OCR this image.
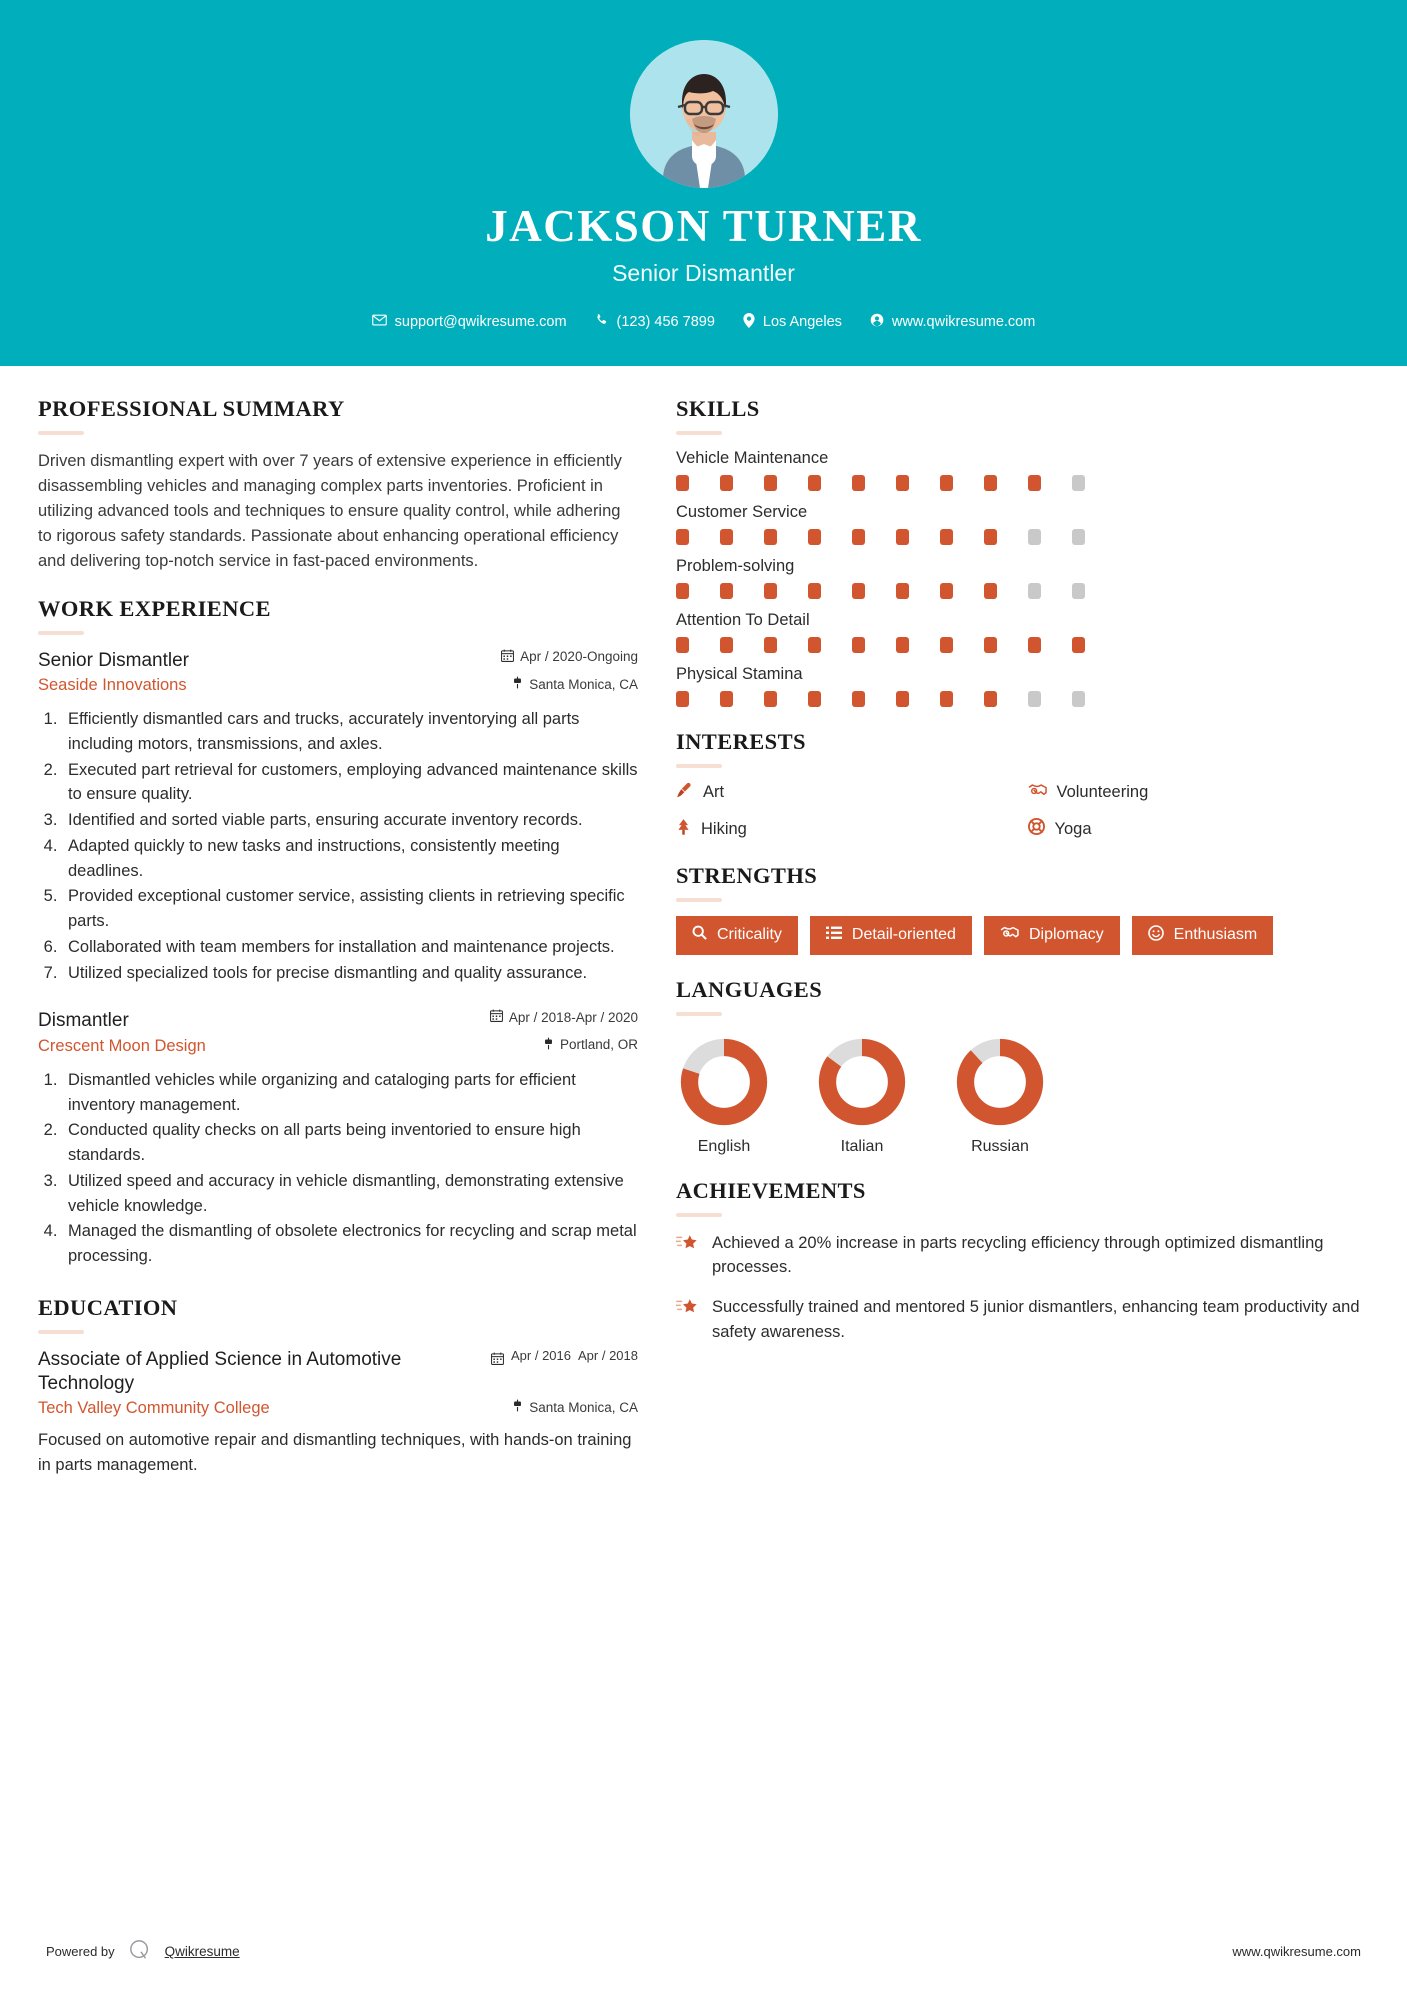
JACKSON TURNER
Senior Dismantler
support@qwikresume.com	(123) 456 7899	Los Angeles	www.qwikresume.com
PROFESSIONAL SUMMARY
Driven dismantling expert with over 7 years of extensive experience in efficiently disassembling vehicles and managing complex parts inventories. Proficient in utilizing advanced tools and techniques to ensure quality control, while adhering to rigorous safety standards. Passionate about enhancing operational efficiency and delivering top-notch service in fast-paced environments.
WORK EXPERIENCE
Senior Dismantler	Apr / 2020-Ongoing
Seaside Innovations	Santa Monica, CA
1. Efficiently dismantled cars and trucks, accurately inventorying all parts including motors, transmissions, and axles.
2. Executed part retrieval for customers, employing advanced maintenance skills to ensure quality.
3. Identified and sorted viable parts, ensuring accurate inventory records.
4. Adapted quickly to new tasks and instructions, consistently meeting deadlines.
5. Provided exceptional customer service, assisting clients in retrieving specific parts.
6. Collaborated with team members for installation and maintenance projects.
7. Utilized specialized tools for precise dismantling and quality assurance.
Dismantler	Apr / 2018-Apr / 2020
Crescent Moon Design	Portland, OR
1. Dismantled vehicles while organizing and cataloging parts for efficient inventory management.
2. Conducted quality checks on all parts being inventoried to ensure high standards.
3. Utilized speed and accuracy in vehicle dismantling, demonstrating extensive vehicle knowledge.
4. Managed the dismantling of obsolete electronics for recycling and scrap metal processing.
EDUCATION
Associate of Applied Science in Automotive Technology
Apr / 2016 Apr / 2018
Tech Valley Community College	Santa Monica, CA
Focused on automotive repair and dismantling techniques, with hands-on training in parts management.
SKILLS
Vehicle Maintenance
Customer Service
Problem-solving
Attention To Detail
Physical Stamina
INTERESTS
Art	Volunteering
Hiking	Yoga
STRENGTHS
Criticality	Detail-oriented	Diplomacy	Enthusiasm
LANGUAGES
English	Italian	Russian
ACHIEVEMENTS
Achieved a 20% increase in parts recycling efficiency through optimized dismantling processes.
Successfully trained and mentored 5 junior dismantlers, enhancing team productivity and safety awareness.
Powered by	Qwikresume	www.qwikresume.com
